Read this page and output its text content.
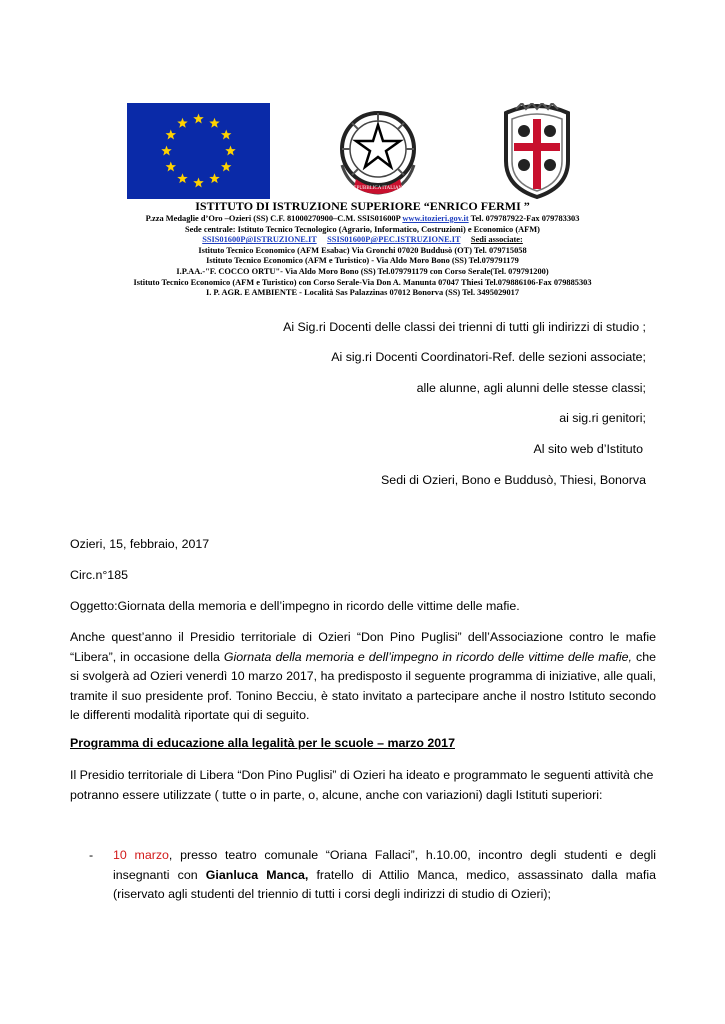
REPUBBLICA ITALIANA

ISTITUTO DI ISTRUZIONE SUPERIORE “ENRICO FERMI ”

P.zza Medaglie d’Oro –Ozieri (SS) C.F. 81000270900–C.M. SSIS01600P www.itozieri.gov.it Tel. 079787922-Fax 079783303

Sede centrale: Istituto Tecnico Tecnologico (Agrario, Informatico, Costruzioni) e Economico (AFM)

SSIS01600P@ISTRUZIONE.IT SSIS01600P@PEC.ISTRUZIONE.IT Sedi associate:

Istituto Tecnico Economico (AFM Esabac) Via Gronchi 07020 Buddusò (OT) Tel. 079715058

Istituto Tecnico Economico (AFM e Turistico) - Via Aldo Moro Bono (SS) Tel.079791179

I.P.AA.-"F. COCCO ORTU"- Via Aldo Moro Bono (SS) Tel.079791179 con Corso Serale(Tel. 079791200)

Istituto Tecnico Economico (AFM e Turistico) con Corso Serale-Via Don A. Manunta 07047 Thiesi Tel.079886106-Fax 079885303

I. P. AGR. E AMBIENTE - Località Sas Palazzinas 07012 Bonorva (SS) Tel. 3495029017

Ai Sig.ri Docenti delle classi dei trienni di tutti gli indirizzi di studio ;
Ai sig.ri Docenti Coordinatori-Ref. delle sezioni associate;
alle alunne, agli alunni delle stesse classi;
ai sig.ri genitori;
Al sito web d’Istituto
Sedi di Ozieri, Bono e Buddusò, Thiesi, Bonorva
Ozieri, 15, febbraio, 2017
Circ.n°185
Oggetto:Giornata della memoria e dell’impegno in ricordo delle vittime delle mafie.
Anche quest’anno il Presidio territoriale di Ozieri “Don Pino Puglisi” dell’Associazione contro le mafie “Libera”, in occasione della Giornata della memoria e dell’impegno in ricordo delle vittime delle mafie, che si svolgerà ad Ozieri venerdì 10 marzo 2017, ha predisposto il seguente programma di iniziative, alle quali, tramite il suo presidente prof. Tonino Becciu, è stato invitato a partecipare anche il nostro Istituto secondo le differenti modalità riportate qui di seguito.
Programma di educazione alla legalità per le scuole – marzo 2017
Il Presidio territoriale di Libera “Don Pino Puglisi” di Ozieri ha ideato e programmato le seguenti attività che potranno essere utilizzate ( tutte o in parte, o, alcune, anche con variazioni) dagli Istituti superiori:
- 10 marzo, presso teatro comunale “Oriana Fallaci”, h.10.00, incontro degli studenti e degli insegnanti con Gianluca Manca, fratello di Attilio Manca, medico, assassinato dalla mafia (riservato agli studenti del triennio di tutti i corsi degli indirizzi di studio di Ozieri);
